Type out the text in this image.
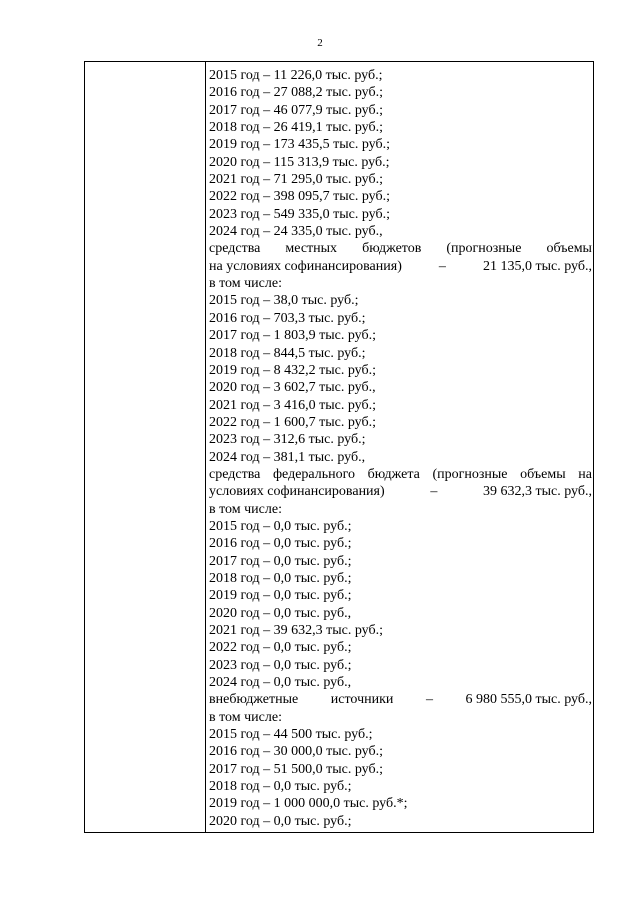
2
2015 год – 11 226,0 тыс. руб.;
2016 год – 27 088,2 тыс. руб.;
2017 год – 46 077,9 тыс. руб.;
2018 год – 26 419,1 тыс. руб.;
2019 год – 173 435,5 тыс. руб.;
2020 год – 115 313,9 тыс. руб.;
2021 год – 71 295,0 тыс. руб.;
2022 год – 398 095,7 тыс. руб.;
2023 год – 549 335,0 тыс. руб.;
2024 год – 24 335,0 тыс. руб.,
средства местных бюджетов (прогнозные объемы
на условиях софинансирования)	–	21 135,0 тыс. руб.,
в том числе:
2015 год – 38,0 тыс. руб.;
2016 год – 703,3 тыс. руб.;
2017 год – 1 803,9 тыс. руб.;
2018 год – 844,5 тыс. руб.;
2019 год – 8 432,2 тыс. руб.;
2020 год – 3 602,7 тыс. руб.,
2021 год – 3 416,0 тыс. руб.;
2022 год – 1 600,7 тыс. руб.;
2023 год – 312,6 тыс. руб.;
2024 год – 381,1 тыс. руб.,
средства федерального бюджета (прогнозные объемы на
условиях софинансирования)	–	39 632,3 тыс. руб.,
в том числе:
2015 год – 0,0 тыс. руб.;
2016 год – 0,0 тыс. руб.;
2017 год – 0,0 тыс. руб.;
2018 год – 0,0 тыс. руб.;
2019 год – 0,0 тыс. руб.;
2020 год – 0,0 тыс. руб.,
2021 год – 39 632,3 тыс. руб.;
2022 год – 0,0 тыс. руб.;
2023 год – 0,0 тыс. руб.;
2024 год – 0,0 тыс. руб.,
внебюджетные источники – 6 980 555,0 тыс. руб.,
в том числе:
2015 год – 44 500 тыс. руб.;
2016 год – 30 000,0 тыс. руб.;
2017 год – 51 500,0 тыс. руб.;
2018 год – 0,0 тыс. руб.;
2019 год – 1 000 000,0 тыс. руб.*;
2020 год – 0,0 тыс. руб.;
